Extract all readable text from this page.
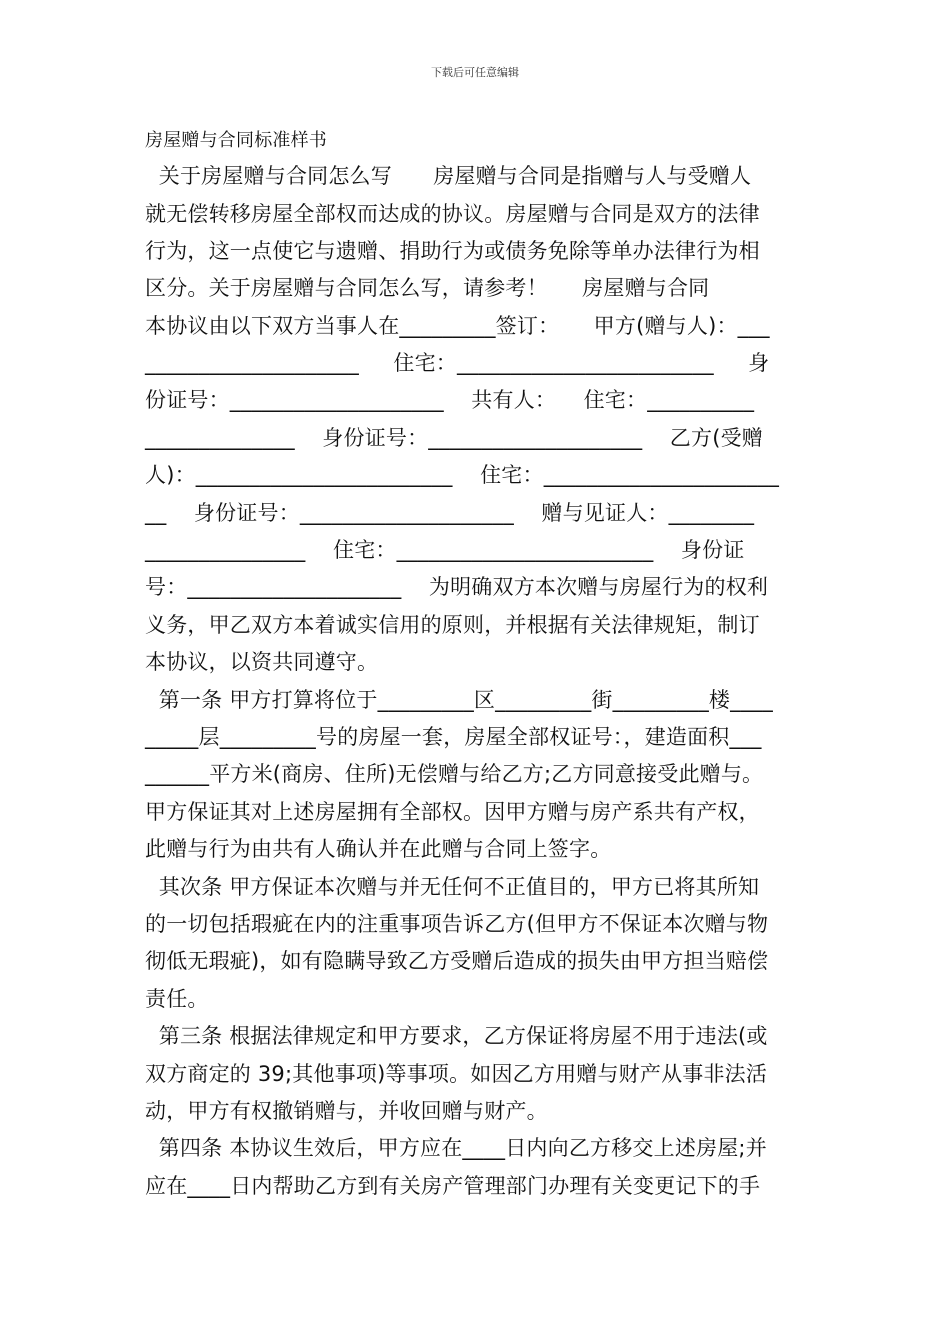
下载后可任意编辑
房屋赠与合同标准样书
关于房屋赠与合同怎么写      房屋赠与合同是指赠与人与受赠人
就无偿转移房屋全部权而达成的协议。房屋赠与合同是双方的法律
行为，这一点使它与遗赠、捐助行为或债务免除等单办法律行为相
区分。关于房屋赠与合同怎么写，请参考！     房屋赠与合同
本协议由以下双方当事人在_________签订：     甲方(赠与人)：___
____________________     住宅：________________________     身
份证号：____________________    共有人：    住宅：__________
______________    身份证号：____________________    乙方(受赠
人)：________________________    住宅：______________________
__    身份证号：____________________    赠与见证人：________
_______________    住宅：________________________    身份证
号：____________________    为明确双方本次赠与房屋行为的权利
义务，甲乙双方本着诚实信用的原则，并根据有关法律规矩，制订
本协议，以资共同遵守。
第一条 甲方打算将位于_________区_________街_________楼____
_____层_________号的房屋一套，房屋全部权证号：，建造面积___
______平方米(商房、住所)无偿赠与给乙方;乙方同意接受此赠与。
甲方保证其对上述房屋拥有全部权。因甲方赠与房产系共有产权，
此赠与行为由共有人确认并在此赠与合同上签字。
其次条 甲方保证本次赠与并无任何不正值目的，甲方已将其所知
的一切包括瑕疵在内的注重事项告诉乙方(但甲方不保证本次赠与物
彻低无瑕疵)，如有隐瞒导致乙方受赠后造成的损失由甲方担当赔偿
责任。
第三条 根据法律规定和甲方要求，乙方保证将房屋不用于违法(或
双方商定的 39;其他事项)等事项。如因乙方用赠与财产从事非法活
动，甲方有权撤销赠与，并收回赠与财产。
第四条 本协议生效后，甲方应在____日内向乙方移交上述房屋;并
应在____日内帮助乙方到有关房产管理部门办理有关变更记下的手
